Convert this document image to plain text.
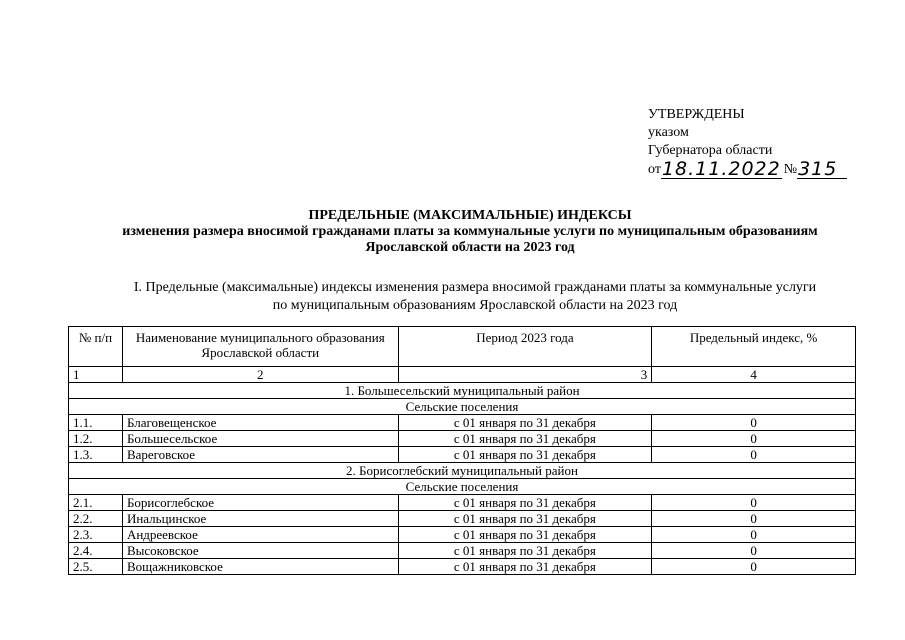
УТВЕРЖДЕНЫ
указом
Губернатора области
от 18.11.2022 № 315
ПРЕДЕЛЬНЫЕ (МАКСИМАЛЬНЫЕ) ИНДЕКСЫ
изменения размера вносимой гражданами платы за коммунальные услуги по муниципальным образованиям
Ярославской области на 2023 год
I. Предельные (максимальные) индексы изменения размера вносимой гражданами платы за коммунальные услуги
по муниципальным образованиям Ярославской области на 2023 год
№ п/п	Наименование муниципального образования Ярославской области	Период 2023 года	Предельный индекс, %
1	2	3	4
1. Большесельский муниципальный район			
Сельские поселения			
1.1.	Благовещенское	с 01 января по 31 декабря	0
1.2.	Большесельское	с 01 января по 31 декабря	0
1.3.	Вареговское	с 01 января по 31 декабря	0
2. Борисоглебский муниципальный район			
Сельские поселения			
2.1.	Борисоглебское	с 01 января по 31 декабря	0
2.2.	Инальцинское	с 01 января по 31 декабря	0
2.3.	Андреевское	с 01 января по 31 декабря	0
2.4.	Высоковское	с 01 января по 31 декабря	0
2.5.	Вощажниковское	с 01 января по 31 декабря	0
